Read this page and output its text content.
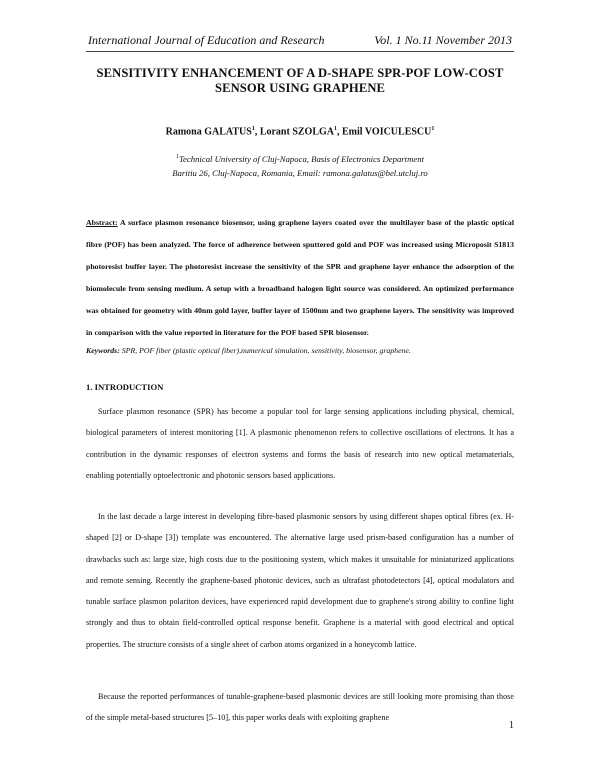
International Journal of Education and Research	Vol. 1 No.11 November 2013
SENSITIVITY ENHANCEMENT OF A D-SHAPE SPR-POF LOW-COST
SENSOR USING GRAPHENE
Ramona GALATUS$^1$, Lorant SZOLGA$^1$, Emil VOICULESCU$^1$
$^1$Technical University of Cluj-Napoca, Basis of Electronics Department
Baritiu 26, Cluj-Napoca, Romania, Email: ramona.galatus@bel.utcluj.ro
Abstract: A surface plasmon resonance biosensor, using graphene layers coated over the multilayer base of the plastic optical fibre (POF) has been analyzed. The force of adherence between sputtered gold and POF was increased using Microposit S1813 photoresist buffer layer. The photoresist increase the sensitivity of the SPR and graphene layer enhance the adsorption of the biomolecule from sensing medium. A setup with a broadband halogen light source was considered. An optimized performance was obtained for geometry with 40nm gold layer, buffer layer of 1500nm and two graphene layers. The sensitivity was improved in comparison with the value reported in literature for the POF based SPR biosensor.
Keywords: SPR, POF fiber (plastic optical fiber),numerical simulation, sensitivity, biosensor, graphene.
1. INTRODUCTION
Surface plasmon resonance (SPR) has become a popular tool for large sensing applications including physical, chemical, biological parameters of interest monitoring [1]. A plasmonic phenomenon refers to collective oscillations of electrons. It has a contribution in the dynamic responses of electron systems and forms the basis of research into new optical metamaterials, enabling potentially optoelectronic and photonic sensors based applications.
In the last decade a large interest in developing fibre-based plasmonic sensors by using different shapes optical fibres (ex. H-shaped [2] or D-shape [3]) template was encountered. The alternative large used prism-based configuration has a number of drawbacks such as: large size, high costs due to the positioning system, which makes it unsuitable for miniaturized applications and remote sensing. Recently the graphene-based photonic devices, such as ultrafast photodetectors [4], optical modulators and tunable surface plasmon polariton devices, have experienced rapid development due to graphene's strong ability to confine light strongly and thus to obtain field-controlled optical response benefit. Graphene is a material with good electrical and optical properties. The structure consists of a single sheet of carbon atoms organized in a honeycomb lattice.
Because the reported performances of tunable-graphene-based plasmonic devices are still looking more promising than those of the simple metal-based structures [5–10], this paper works deals with exploiting graphene
1
